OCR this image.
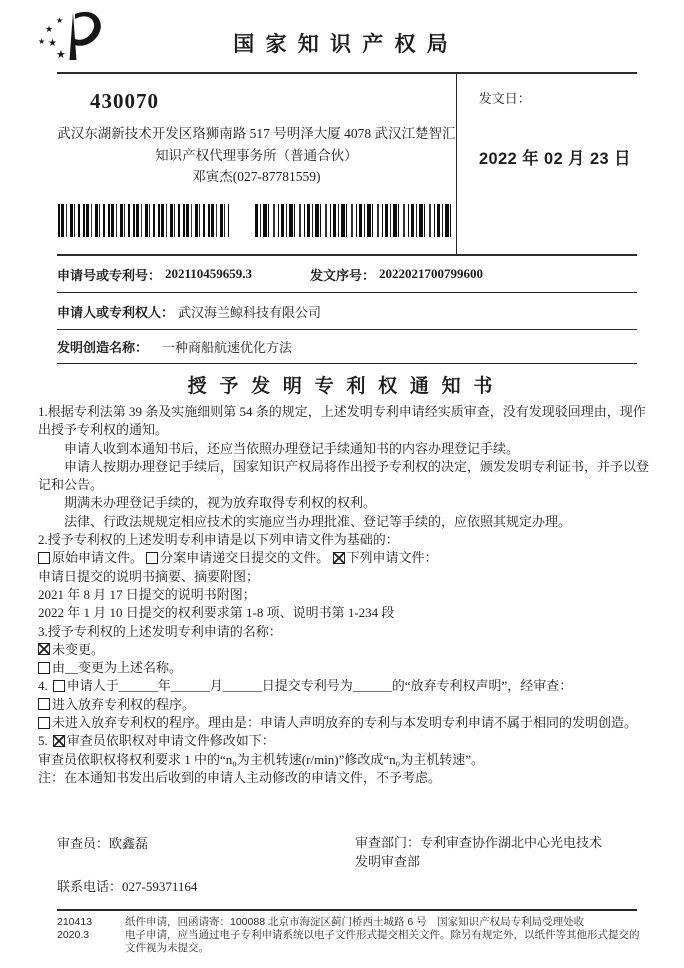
★
★
★ ★
★	国 家 知 识 产 权 局
430070
武汉东湖新技术开发区珞狮南路 517 号明泽大厦 4078 武汉江楚智汇
知识产权代理事务所（普通合伙）
邓寅杰(027-87781559)
发文日：
2022 年 02 月 23 日
申请号或专利号： 202110459659.3	发文序号： 2022021700799600
申请人或专利权人： 武汉海兰鲸科技有限公司
发明创造名称： 一种商船航速优化方法
授 予 发 明 专 利 权 通 知 书

1.根据专利法第 39 条及实施细则第 54 条的规定，上述发明专利申请经实质审查，没有发现驳回理由，现作出授予专利权的通知。

申请人收到本通知书后，还应当依照办理登记手续通知书的内容办理登记手续。

申请人按期办理登记手续后，国家知识产权局将作出授予专利权的决定，颁发发明专利证书，并予以登记和公告。

期满未办理登记手续的，视为放弃取得专利权的权利。

法律、行政法规规定相应技术的实施应当办理批准、登记等手续的，应依照其规定办理。

2.授予专利权的上述发明专利申请是以下列申请文件为基础的：

原始申请文件。 分案申请递交日提交的文件。 下列申请文件：

申请日提交的说明书摘要、摘要附图；

2021 年 8 月 17 日提交的说明书附图；

2022 年 1 月 10 日提交的权利要求第 1-8 项、说明书第 1-234 段

3.授予专利权的上述发明专利申请的名称：

未变更。

由__变更为上述名称。

4. 申请人于______年______月______日提交专利号为______的“放弃专利权声明”，经审查：

进入放弃专利权的程序。

未进入放弃专利权的程序。理由是：申请人声明放弃的专利与本发明专利申请不属于相同的发明创造。

5. 审查员依职权对申请文件修改如下：

审查员依职权将权利要求 1 中的“n₀为主机转速(r/min)”修改成“n₀为主机转速”。

注：在本通知书发出后收到的申请人主动修改的申请文件，不予考虑。

审查员：欧鑫磊	审查部门：专利审查协作湖北中心光电技术
发明审查部
联系电话：027-59371164
210413
2020.3
纸件申请，回函请寄：100088 北京市海淀区蓟门桥西土城路 6 号　国家知识产权局专利局受理处收
电子申请，应当通过电子专利申请系统以电子文件形式提交相关文件。除另有规定外，以纸件等其他形式提交的文件视为未提交。
